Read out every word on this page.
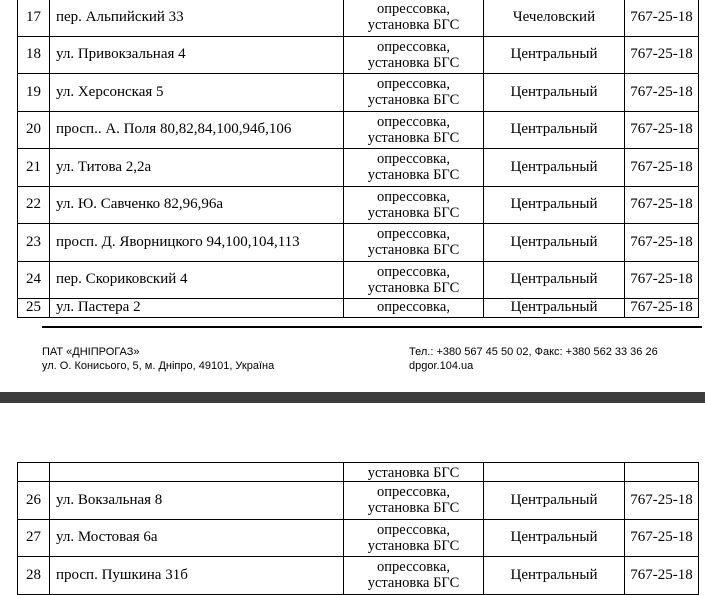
17	пер. Альпийский 33	опрессовка,
установка БГС	Чечеловский	767-25-18
18	ул. Привокзальная 4	опрессовка,
установка БГС	Центральный	767-25-18
19	ул. Херсонская 5	опрессовка,
установка БГС	Центральный	767-25-18
20	просп.. А. Поля 80,82,84,100,94б,106	опрессовка,
установка БГС	Центральный	767-25-18
21	ул. Титова 2,2а	опрессовка,
установка БГС	Центральный	767-25-18
22	ул. Ю. Савченко 82,96,96а	опрессовка,
установка БГС	Центральный	767-25-18
23	просп. Д. Яворницкого 94,100,104,113	опрессовка,
установка БГС	Центральный	767-25-18
24	пер. Скориковский 4	опрессовка,
установка БГС	Центральный	767-25-18
25	ул. Пастера 2	опрессовка,	Центральный	767-25-18
ПАТ «ДНІПРОГАЗ»
ул. О. Конисього, 5, м. Дніпро, 49101, Україна
Тел.: +380 567 45 50 02, Факс: +380 562 33 36 26
dpgor.104.ua
		установка БГС		
26	ул. Вокзальная 8	опрессовка,
установка БГС	Центральный	767-25-18
27	ул. Мостовая 6а	опрессовка,
установка БГС	Центральный	767-25-18
28	просп. Пушкина 31б	опрессовка,
установка БГС	Центральный	767-25-18
